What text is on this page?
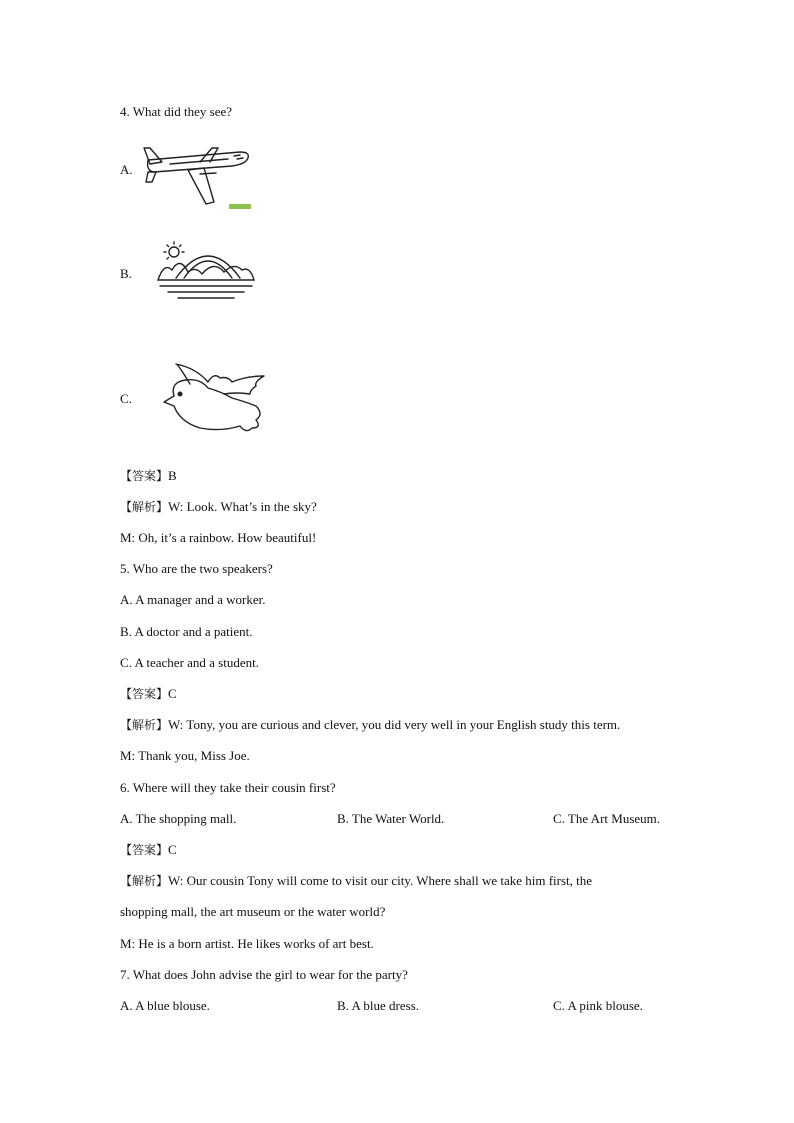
4. What did they see?
A.
B.
C.
【答案】B
【解析】W: Look. What’s in the sky?
M: Oh, it’s a rainbow. How beautiful!
5. Who are the two speakers?
A. A manager and a worker.
B. A doctor and a patient.
C. A teacher and a student.
【答案】C
【解析】W: Tony, you are curious and clever, you did very well in your English study this term.
M: Thank you, Miss Joe.
6. Where will they take their cousin first?
A. The shopping mall.	B. The Water World.	C. The Art Museum.
【答案】C
【解析】W: Our cousin Tony will come to visit our city. Where shall we take him first, the
shopping mall, the art museum or the water world?
M: He is a born artist. He likes works of art best.
7. What does John advise the girl to wear for the party?
A. A blue blouse.	B. A blue dress.	C. A pink blouse.
